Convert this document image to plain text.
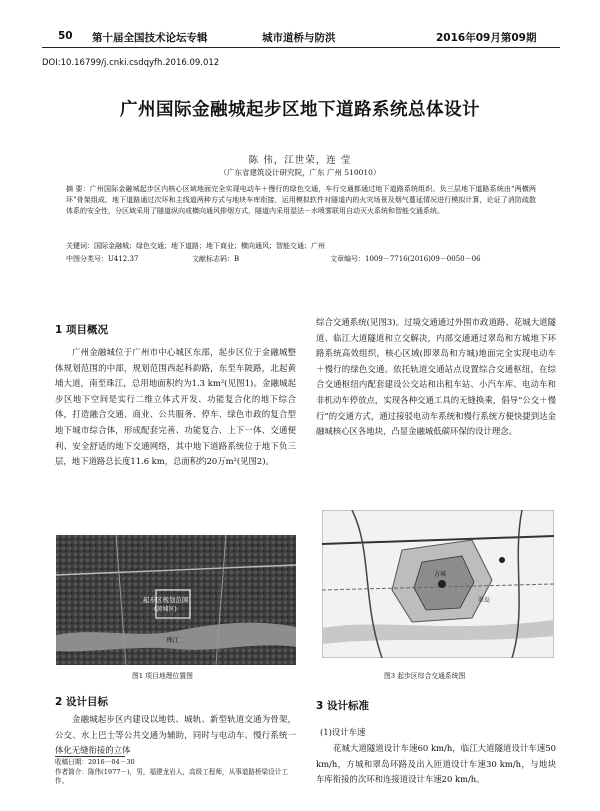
50 第十届全国技术论坛专辑	城市道桥与防洪	2016年09月第09期
DOI:10.16799/j.cnki.csdqyfh.2016.09.012
广州国际金融城起步区地下道路系统总体设计
陈 伟，江世荣，连 莹
（广东省建筑设计研究院，广东 广州 510010）
摘 要：广州国际金融城起步区内核心区域地面完全实现电动车＋慢行的绿色交通，车行交通都通过地下道路系统组织。负三层地下道路系统由“两横两环”骨架组成，地下道路通过次环和主线道两种方式与地块车库衔接，运用模拟软件对隧道内的火灾场景及烟气蔓延情况进行模拟计算，论证了消防疏散体系的安全性，分区域采用了隧道纵向或横向通风排烟方式，隧道内采用湿法－水喷雾联用自动灭火系统和智能交通系统。
关键词：国际金融城；绿色交通；地下道路；地下商业；横向通风；智能交通；广州
中图分类号：U412.37	文献标志码：B	文章编号：1009－7716(2016)09－0050－06
1 项目概况
广州金融城位于广州市中心城区东部，起步区位于金融城整体规划范围的中部，规划范围西起科韵路，东至车陂路，北起黄埔大道，南至珠江，总用地面积约为1.3 km²(见图1)。金融城起步区地下空间是实行二维立体式开发、功能复合化的地下综合体，打造融合交通、商业、公共服务、停车、绿色市政的复合型地下城市综合体，形成配套完善、功能复合、上下一体、交通便利、安全舒适的地下交通网络，其中地下道路系统位于地下负三层，地下道路总长度11.6 km，总面积约20万m²(见图2)。
起步区规划范围
(黄埔区)
珠江
图1 项目地理位置图
2 设计目标
金融城起步区内建设以地铁、城轨、新型轨道交通为骨架，公交、水上巴士等公共交通为辅助，同时与电动车、慢行系统一体化无缝衔接的立体
收稿日期：2016－04－30
作者简介：陈伟(1977－)，男，福建龙岩人，高级工程师，从事道路桥梁设计工作。
综合交通系统(见图3)。过境交通通过外围市政道路、花城大道隧道、临江大道隧道和立交解决，内部交通通过翠岛和方城地下环路系统高效组织，核心区域(即翠岛和方城)地面完全实现电动车＋慢行的绿色交通。依托轨道交通站点设置综合交通枢纽，在综合交通枢纽内配套建设公交站和出租车站、小汽车库、电动车和非机动车停放点，实现各种交通工具的无缝换乘，倡导“公交＋慢行”的交通方式，通过接驳电动车系统和慢行系统方便快捷到达金融城核心区各地块，凸显金融城低碳环保的设计理念。
方城
翠岛
图3 起步区综合交通系统图
3 设计标准
(1)设计车速
花城大道隧道设计车速60 km/h，临江大道隧道设计车速50 km/h，方城和翠岛环路及出入匝道设计车速30 km/h，与地块车库衔接的次环和连接道设计车速20 km/h。
